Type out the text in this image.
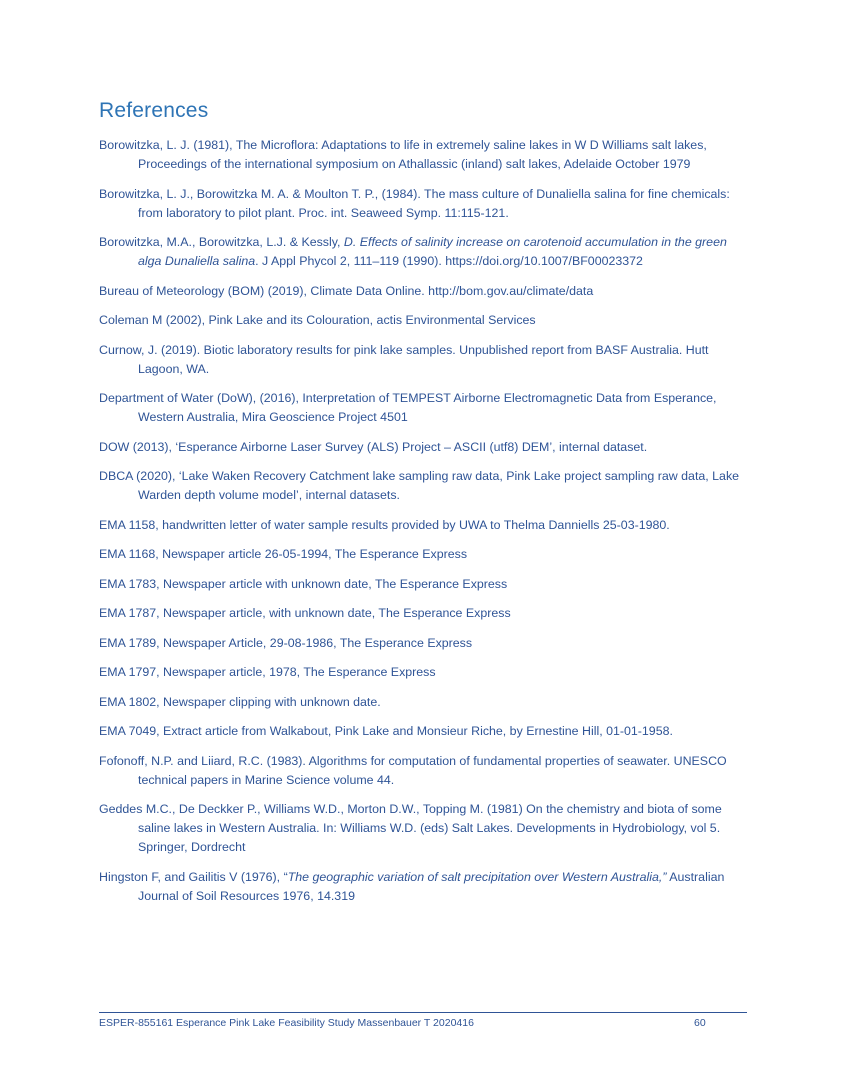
References
Borowitzka, L. J. (1981), The Microflora: Adaptations to life in extremely saline lakes in W D Williams salt lakes, Proceedings of the international symposium on Athallassic (inland) salt lakes, Adelaide October 1979
Borowitzka, L. J., Borowitzka M. A. & Moulton T. P., (1984). The mass culture of Dunaliella salina for fine chemicals: from laboratory to pilot plant. Proc. int. Seaweed Symp. 11:115-121.
Borowitzka, M.A., Borowitzka, L.J. & Kessly, D. Effects of salinity increase on carotenoid accumulation in the green alga Dunaliella salina. J Appl Phycol 2, 111–119 (1990). https://doi.org/10.1007/BF00023372
Bureau of Meteorology (BOM) (2019), Climate Data Online. http://bom.gov.au/climate/data
Coleman M (2002), Pink Lake and its Colouration, actis Environmental Services
Curnow, J. (2019). Biotic laboratory results for pink lake samples. Unpublished report from BASF Australia. Hutt Lagoon, WA.
Department of Water (DoW), (2016), Interpretation of TEMPEST Airborne Electromagnetic Data from Esperance, Western Australia, Mira Geoscience Project 4501
DOW (2013), ‘Esperance Airborne Laser Survey (ALS) Project – ASCII (utf8) DEM’, internal dataset.
DBCA (2020), ‘Lake Waken Recovery Catchment lake sampling raw data, Pink Lake project sampling raw data, Lake Warden depth volume model’, internal datasets.
EMA 1158, handwritten letter of water sample results provided by UWA to Thelma Danniells 25-03-1980.
EMA 1168, Newspaper article 26-05-1994, The Esperance Express
EMA 1783, Newspaper article with unknown date, The Esperance Express
EMA 1787, Newspaper article, with unknown date, The Esperance Express
EMA 1789, Newspaper Article, 29-08-1986, The Esperance Express
EMA 1797, Newspaper article, 1978, The Esperance Express
EMA 1802, Newspaper clipping with unknown date.
EMA 7049, Extract article from Walkabout, Pink Lake and Monsieur Riche, by Ernestine Hill, 01-01-1958.
Fofonoff, N.P. and Liiard, R.C. (1983). Algorithms for computation of fundamental properties of seawater. UNESCO technical papers in Marine Science volume 44.
Geddes M.C., De Deckker P., Williams W.D., Morton D.W., Topping M. (1981) On the chemistry and biota of some saline lakes in Western Australia. In: Williams W.D. (eds) Salt Lakes. Developments in Hydrobiology, vol 5. Springer, Dordrecht
Hingston F, and Gailitis V (1976), “The geographic variation of salt precipitation over Western Australia,” Australian Journal of Soil Resources 1976, 14.319
ESPER-855161 Esperance Pink Lake Feasibility Study Massenbauer T 2020416	60
